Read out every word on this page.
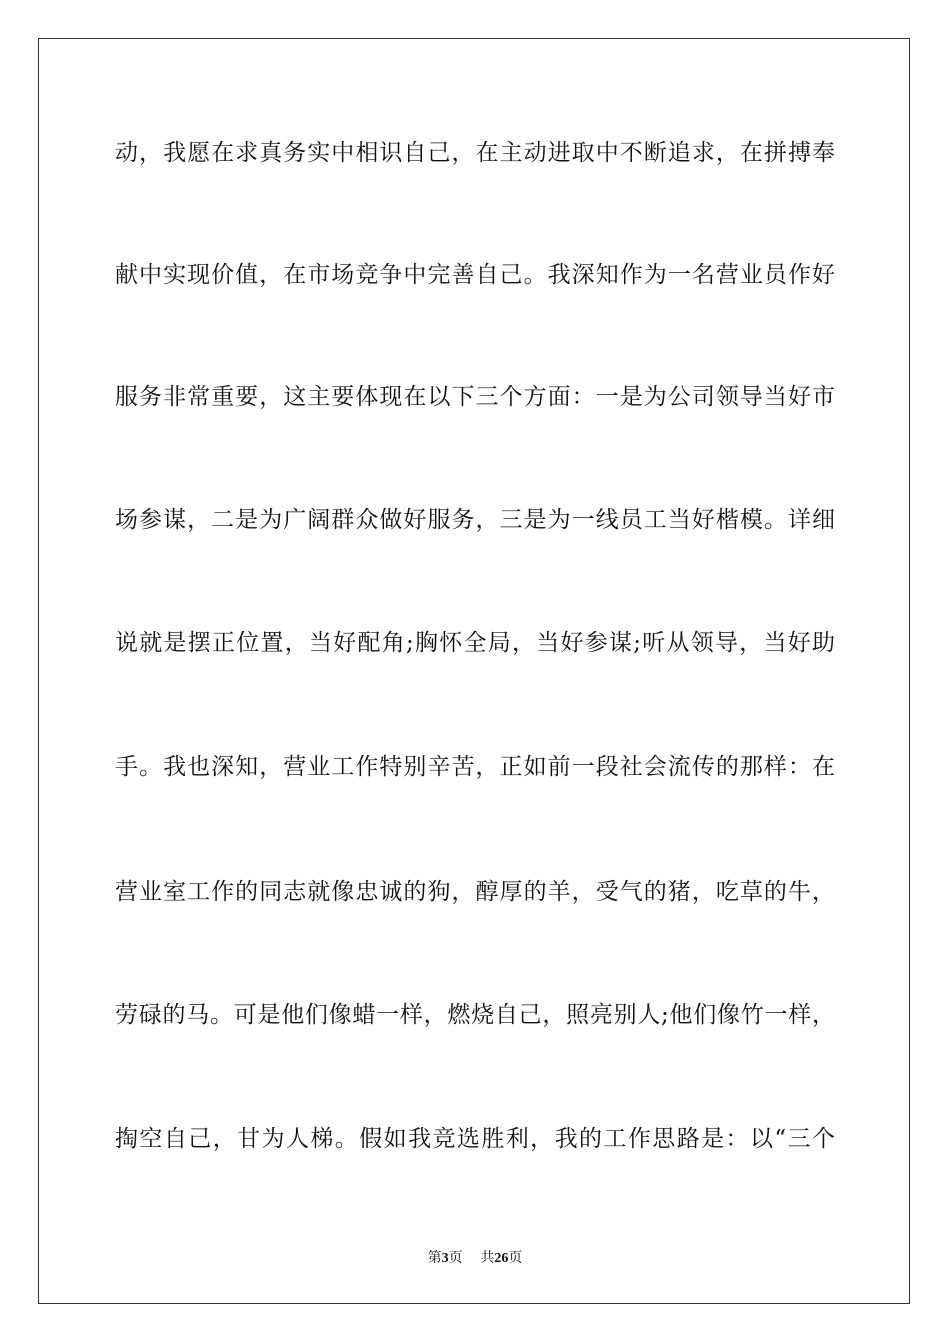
动，我愿在求真务实中相识自己，在主动进取中不断追求，在拼搏奉
献中实现价值，在市场竞争中完善自己。我深知作为一名营业员作好
服务非常重要，这主要体现在以下三个方面：一是为公司领导当好市
场参谋，二是为广阔群众做好服务，三是为一线员工当好楷模。详细
说就是摆正位置，当好配角;胸怀全局，当好参谋;听从领导，当好助
手。我也深知，营业工作特别辛苦，正如前一段社会流传的那样：在
营业室工作的同志就像忠诚的狗，醇厚的羊，受气的猪，吃草的牛，
劳碌的马。可是他们像蜡一样，燃烧自己，照亮别人;他们像竹一样，
掏空自己，甘为人梯。假如我竞选胜利，我的工作思路是：以“三个
第3页 共26页
